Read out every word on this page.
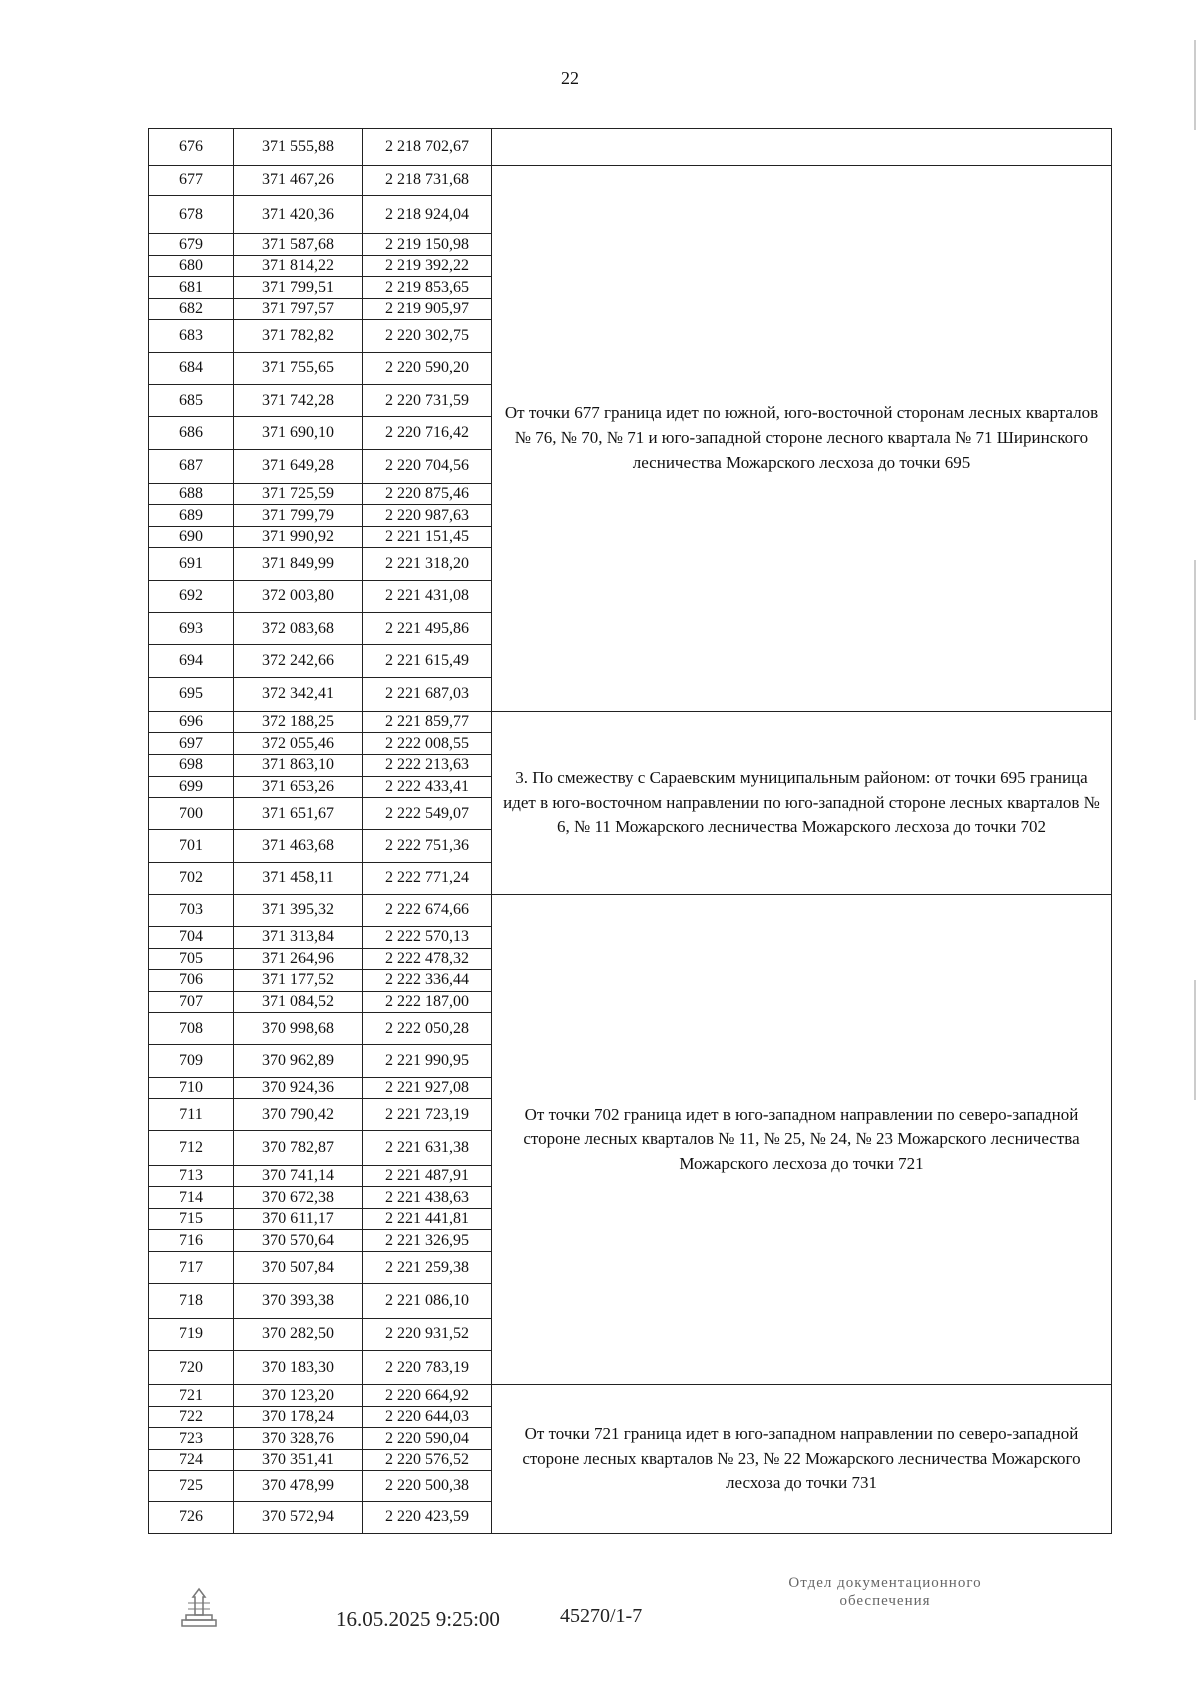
22
676	371 555,88	2 218 702,67	
677	371 467,26	2 218 731,68	От точки 677 граница идет по южной, юго-восточной сторонам лесных кварталов № 76, № 70, № 71 и юго-западной стороне лесного квартала № 71 Ширинского лесничества Можарского лесхоза до точки 695
678	371 420,36	2 218 924,04	
679	371 587,68	2 219 150,98	
680	371 814,22	2 219 392,22	
681	371 799,51	2 219 853,65	
682	371 797,57	2 219 905,97	
683	371 782,82	2 220 302,75	
684	371 755,65	2 220 590,20	
685	371 742,28	2 220 731,59	
686	371 690,10	2 220 716,42	
687	371 649,28	2 220 704,56	
688	371 725,59	2 220 875,46	
689	371 799,79	2 220 987,63	
690	371 990,92	2 221 151,45	
691	371 849,99	2 221 318,20	
692	372 003,80	2 221 431,08	
693	372 083,68	2 221 495,86	
694	372 242,66	2 221 615,49	
695	372 342,41	2 221 687,03	
696	372 188,25	2 221 859,77	3. По смежеству с Сараевским муниципальным районом: от точки 695 граница идет в юго-восточном направлении по юго-западной стороне лесных кварталов № 6, № 11 Можарского лесничества Можарского лесхоза до точки 702
697	372 055,46	2 222 008,55	
698	371 863,10	2 222 213,63	
699	371 653,26	2 222 433,41	
700	371 651,67	2 222 549,07	
701	371 463,68	2 222 751,36	
702	371 458,11	2 222 771,24	
703	371 395,32	2 222 674,66	От точки 702 граница идет в юго-западном направлении по северо-западной стороне лесных кварталов № 11, № 25, № 24, № 23 Можарского лесничества Можарского лесхоза до точки 721
704	371 313,84	2 222 570,13	
705	371 264,96	2 222 478,32	
706	371 177,52	2 222 336,44	
707	371 084,52	2 222 187,00	
708	370 998,68	2 222 050,28	
709	370 962,89	2 221 990,95	
710	370 924,36	2 221 927,08	
711	370 790,42	2 221 723,19	
712	370 782,87	2 221 631,38	
713	370 741,14	2 221 487,91	
714	370 672,38	2 221 438,63	
715	370 611,17	2 221 441,81	
716	370 570,64	2 221 326,95	
717	370 507,84	2 221 259,38	
718	370 393,38	2 221 086,10	
719	370 282,50	2 220 931,52	
720	370 183,30	2 220 783,19	
721	370 123,20	2 220 664,92	От точки 721 граница идет в юго-западном направлении по северо-западной стороне лесных кварталов № 23, № 22 Можарского лесничества Можарского лесхоза до точки 731
722	370 178,24	2 220 644,03	
723	370 328,76	2 220 590,04	
724	370 351,41	2 220 576,52	
725	370 478,99	2 220 500,38	
726	370 572,94	2 220 423,59	
16.05.2025 9:25:00	45270/1-7
Отдел документационного
обеспечения
